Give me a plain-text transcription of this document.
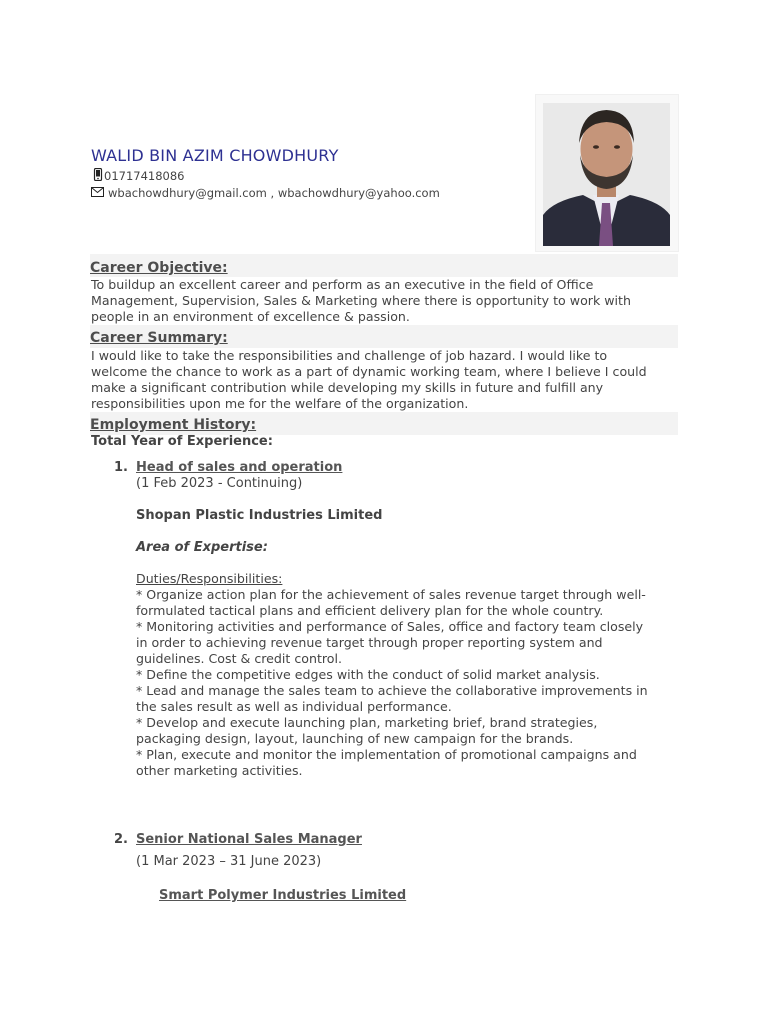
WALID BIN AZIM CHOWDHURY
01717418086
wbachowdhury@gmail.com , wbachowdhury@yahoo.com
Career Objective:
To buildup an excellent career and perform as an executive in the field of Office
Management, Supervision, Sales & Marketing where there is opportunity to work with
people in an environment of excellence & passion.
Career Summary:
I would like to take the responsibilities and challenge of job hazard. I would like to
welcome the chance to work as a part of dynamic working team, where I believe I could
make a significant contribution while developing my skills in future and fulfill any
responsibilities upon me for the welfare of the organization.
Employment History:
Total Year of Experience:
1. Head of sales and operation
(1 Feb 2023 - Continuing)
Shopan Plastic Industries Limited
Area of Expertise:
Duties/Responsibilities:
* Organize action plan for the achievement of sales revenue target through well-
formulated tactical plans and efficient delivery plan for the whole country.
* Monitoring activities and performance of Sales, office and factory team closely
in order to achieving revenue target through proper reporting system and
guidelines. Cost & credit control.
* Define the competitive edges with the conduct of solid market analysis.
* Lead and manage the sales team to achieve the collaborative improvements in
the sales result as well as individual performance.
* Develop and execute launching plan, marketing brief, brand strategies,
packaging design, layout, launching of new campaign for the brands.
* Plan, execute and monitor the implementation of promotional campaigns and
other marketing activities.
2. Senior National Sales Manager
(1 Mar 2023 – 31 June 2023)
Smart Polymer Industries Limited
